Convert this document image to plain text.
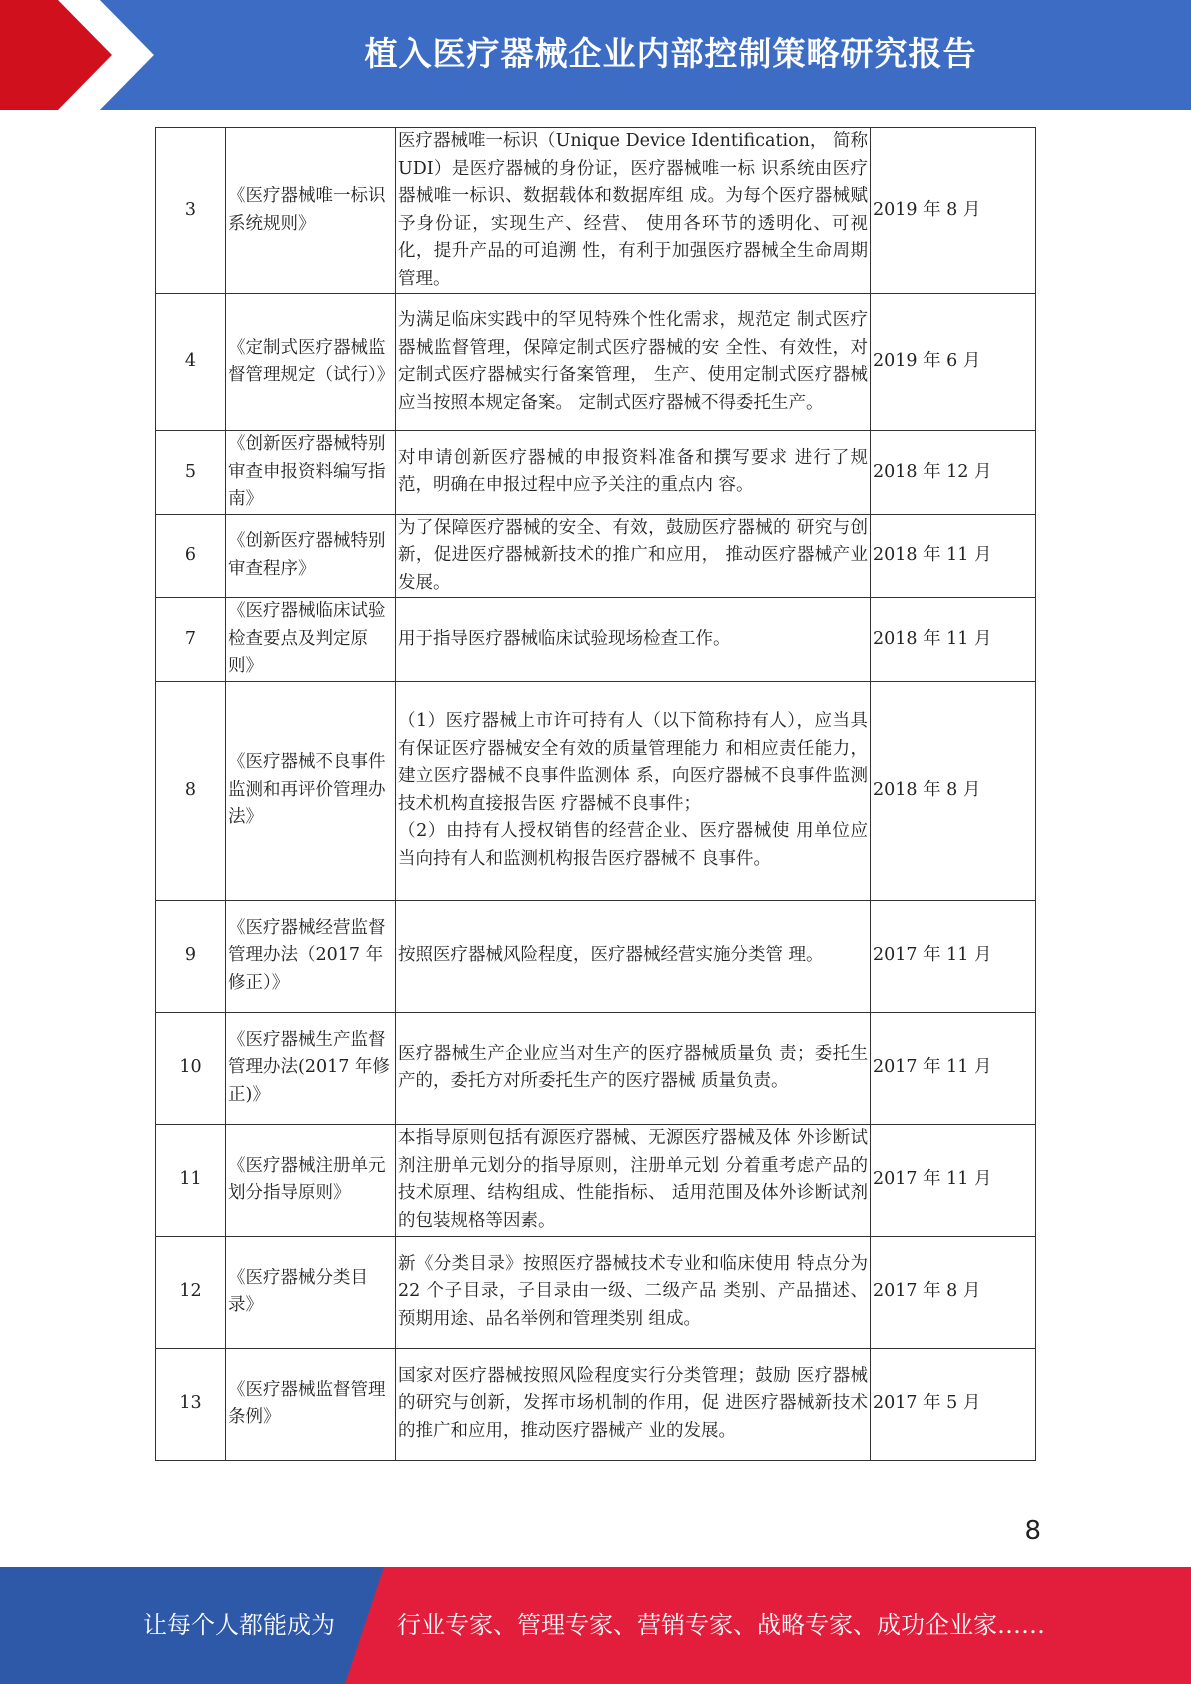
植入医疗器械企业内部控制策略研究报告
3	《医疗器械唯一标识系统规则》	医疗器械唯一标识（Unique Device Identification， 简称 UDI）是医疗器械的身份证，医疗器械唯一标 识系统由医疗器械唯一标识、数据载体和数据库组 成。为每个医疗器械赋予身份证，实现生产、经营、 使用各环节的透明化、可视化，提升产品的可追溯 性，有利于加强医疗器械全生命周期管理。	2019 年 8 月
4	《定制式医疗器械监督管理规定（试行）》	为满足临床实践中的罕见特殊个性化需求，规范定 制式医疗器械监督管理，保障定制式医疗器械的安 全性、有效性，对定制式医疗器械实行备案管理， 生产、使用定制式医疗器械应当按照本规定备案。 定制式医疗器械不得委托生产。	2019 年 6 月
5	《创新医疗器械特别审查申报资料编写指南》	对申请创新医疗器械的申报资料准备和撰写要求 进行了规范，明确在申报过程中应予关注的重点内 容。	2018 年 12 月
6	《创新医疗器械特别审查程序》	为了保障医疗器械的安全、有效，鼓励医疗器械的 研究与创新，促进医疗器械新技术的推广和应用， 推动医疗器械产业发展。	2018 年 11 月
7	《医疗器械临床试验检查要点及判定原则》	用于指导医疗器械临床试验现场检查工作。	2018 年 11 月
8	《医疗器械不良事件监测和再评价管理办法》	（1）医疗器械上市许可持有人（以下简称持有人），应当具有保证医疗器械安全有效的质量管理能力 和相应责任能力，建立医疗器械不良事件监测体 系，向医疗器械不良事件监测技术机构直接报告医 疗器械不良事件；
（2）由持有人授权销售的经营企业、医疗器械使 用单位应当向持有人和监测机构报告医疗器械不 良事件。	2018 年 8 月
9	《医疗器械经营监督管理办法（2017 年修正）》	按照医疗器械风险程度，医疗器械经营实施分类管 理。	2017 年 11 月
10	《医疗器械生产监督管理办法(2017 年修正)》	医疗器械生产企业应当对生产的医疗器械质量负 责；委托生产的，委托方对所委托生产的医疗器械 质量负责。	2017 年 11 月
11	《医疗器械注册单元划分指导原则》	本指导原则包括有源医疗器械、无源医疗器械及体 外诊断试剂注册单元划分的指导原则，注册单元划 分着重考虑产品的技术原理、结构组成、性能指标、 适用范围及体外诊断试剂的包装规格等因素。	2017 年 11 月
12	《医疗器械分类目录》	新《分类目录》按照医疗器械技术专业和临床使用 特点分为 22 个子目录，子目录由一级、二级产品 类别、产品描述、预期用途、品名举例和管理类别 组成。	2017 年 8 月
13	《医疗器械监督管理条例》	国家对医疗器械按照风险程度实行分类管理；鼓励 医疗器械的研究与创新，发挥市场机制的作用，促 进医疗器械新技术的推广和应用，推动医疗器械产 业的发展。	2017 年 5 月
8
让每个人都能成为	行业专家、管理专家、营销专家、战略专家、成功企业家……
